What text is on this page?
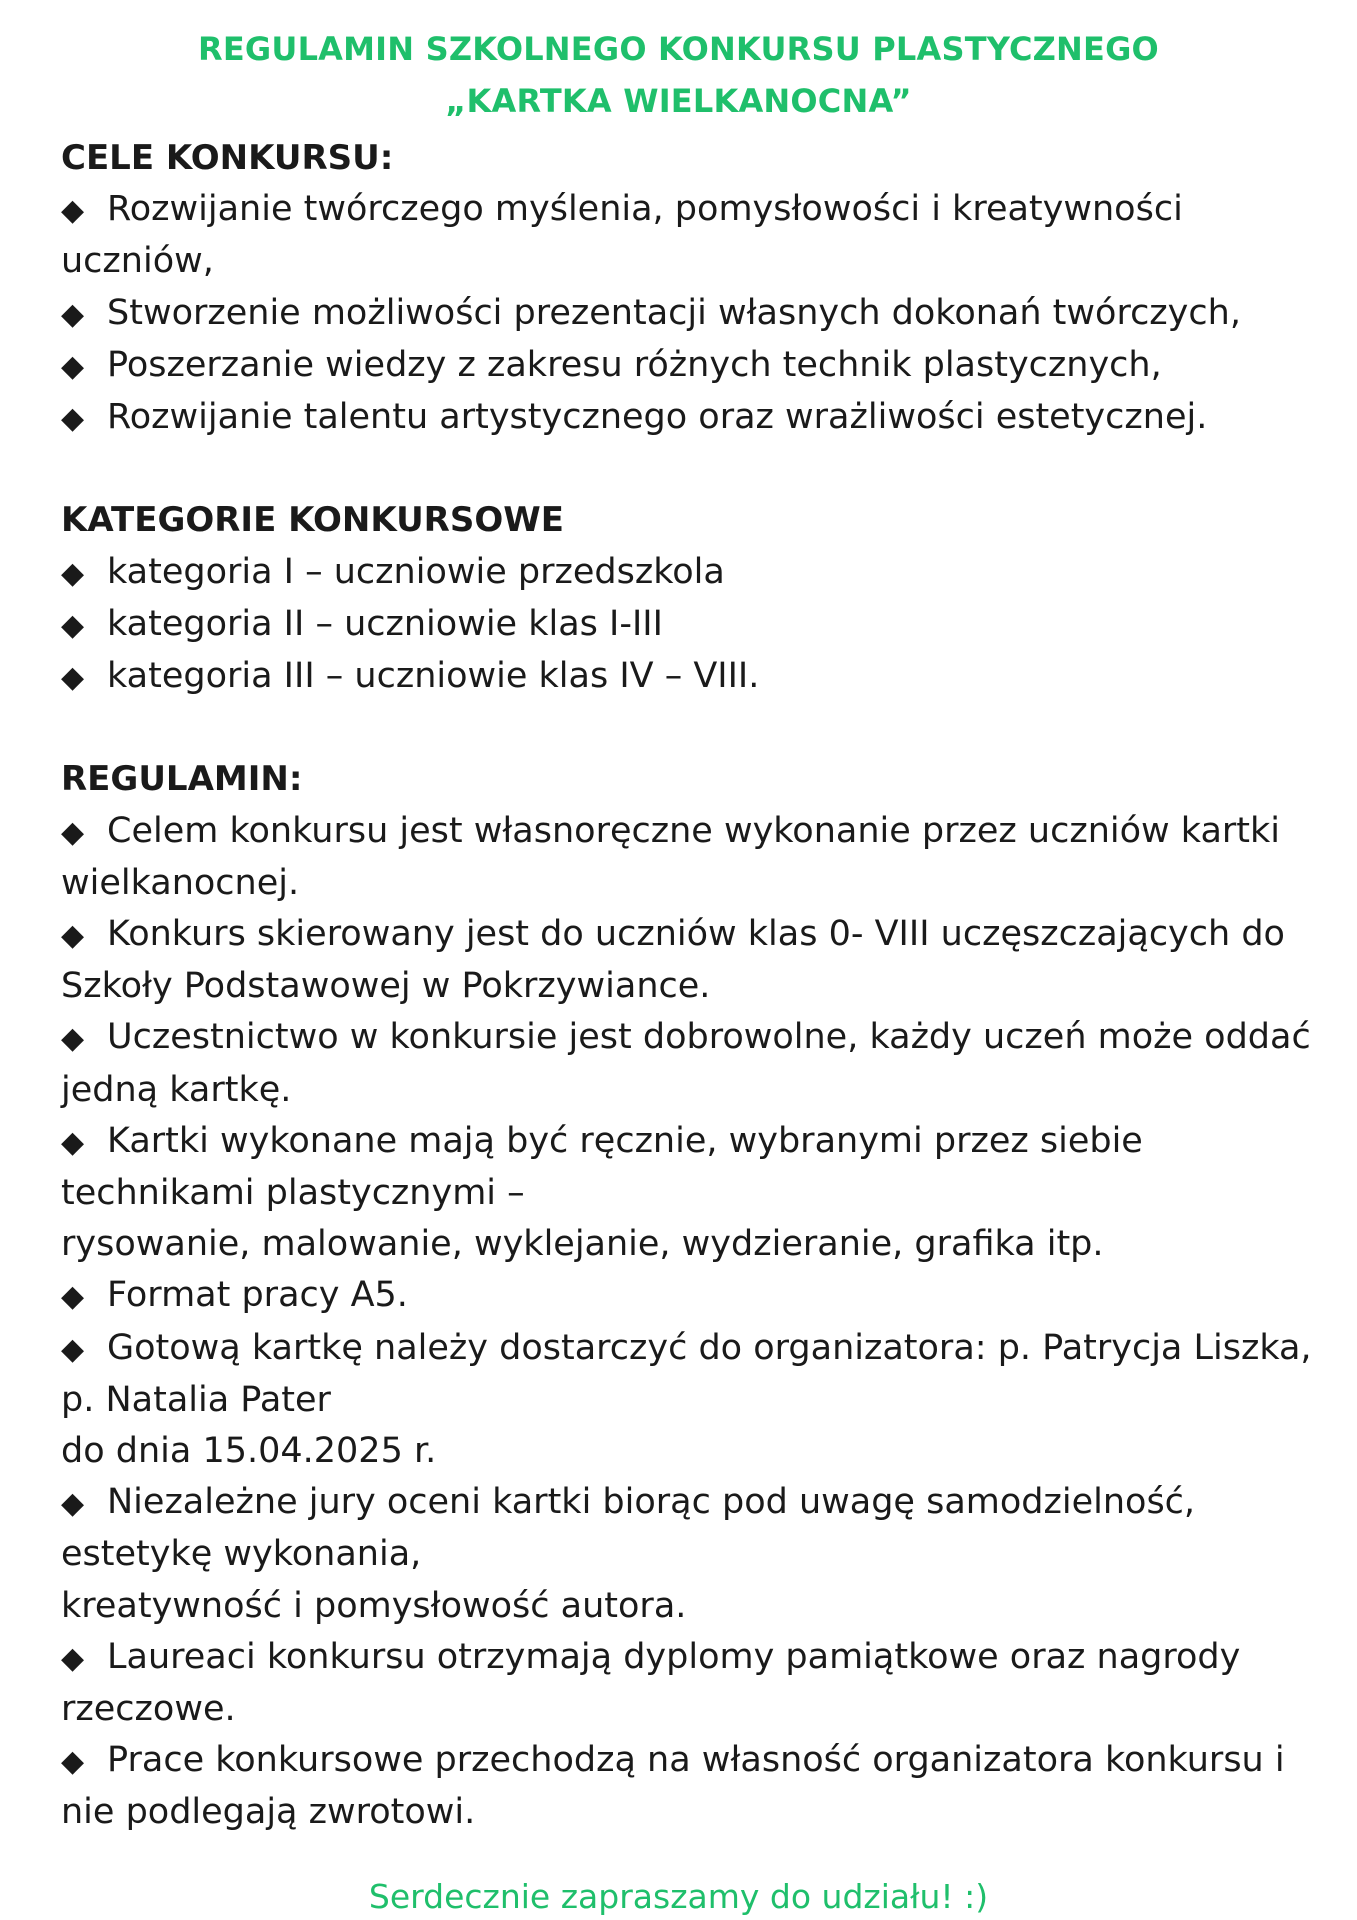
REGULAMIN SZKOLNEGO KONKURSU PLASTYCZNEGO
„KARTKA WIELKANOCNA”
CELE KONKURSU:
◆ Rozwijanie twórczego myślenia, pomysłowości i kreatywności
uczniów,
◆ Stworzenie możliwości prezentacji własnych dokonań twórczych,
◆ Poszerzanie wiedzy z zakresu różnych technik plastycznych,
◆ Rozwijanie talentu artystycznego oraz wrażliwości estetycznej.
KATEGORIE KONKURSOWE
◆ kategoria I – uczniowie przedszkola
◆ kategoria II – uczniowie klas I-III
◆ kategoria III – uczniowie klas IV – VIII.
REGULAMIN:
◆ Celem konkursu jest własnoręczne wykonanie przez uczniów kartki
wielkanocnej.
◆ Konkurs skierowany jest do uczniów klas 0- VIII uczęszczających do
Szkoły Podstawowej w Pokrzywiance.
◆ Uczestnictwo w konkursie jest dobrowolne, każdy uczeń może oddać
jedną kartkę.
◆ Kartki wykonane mają być ręcznie, wybranymi przez siebie
technikami plastycznymi –
rysowanie, malowanie, wyklejanie, wydzieranie, grafika itp.
◆ Format pracy A5.
◆ Gotową kartkę należy dostarczyć do organizatora: p. Patrycja Liszka,
p. Natalia Pater
do dnia 15.04.2025 r.
◆ Niezależne jury oceni kartki biorąc pod uwagę samodzielność,
estetykę wykonania,
kreatywność i pomysłowość autora.
◆ Laureaci konkursu otrzymają dyplomy pamiątkowe oraz nagrody
rzeczowe.
◆ Prace konkursowe przechodzą na własność organizatora konkursu i
nie podlegają zwrotowi.
Serdecznie zapraszamy do udziału! :)
